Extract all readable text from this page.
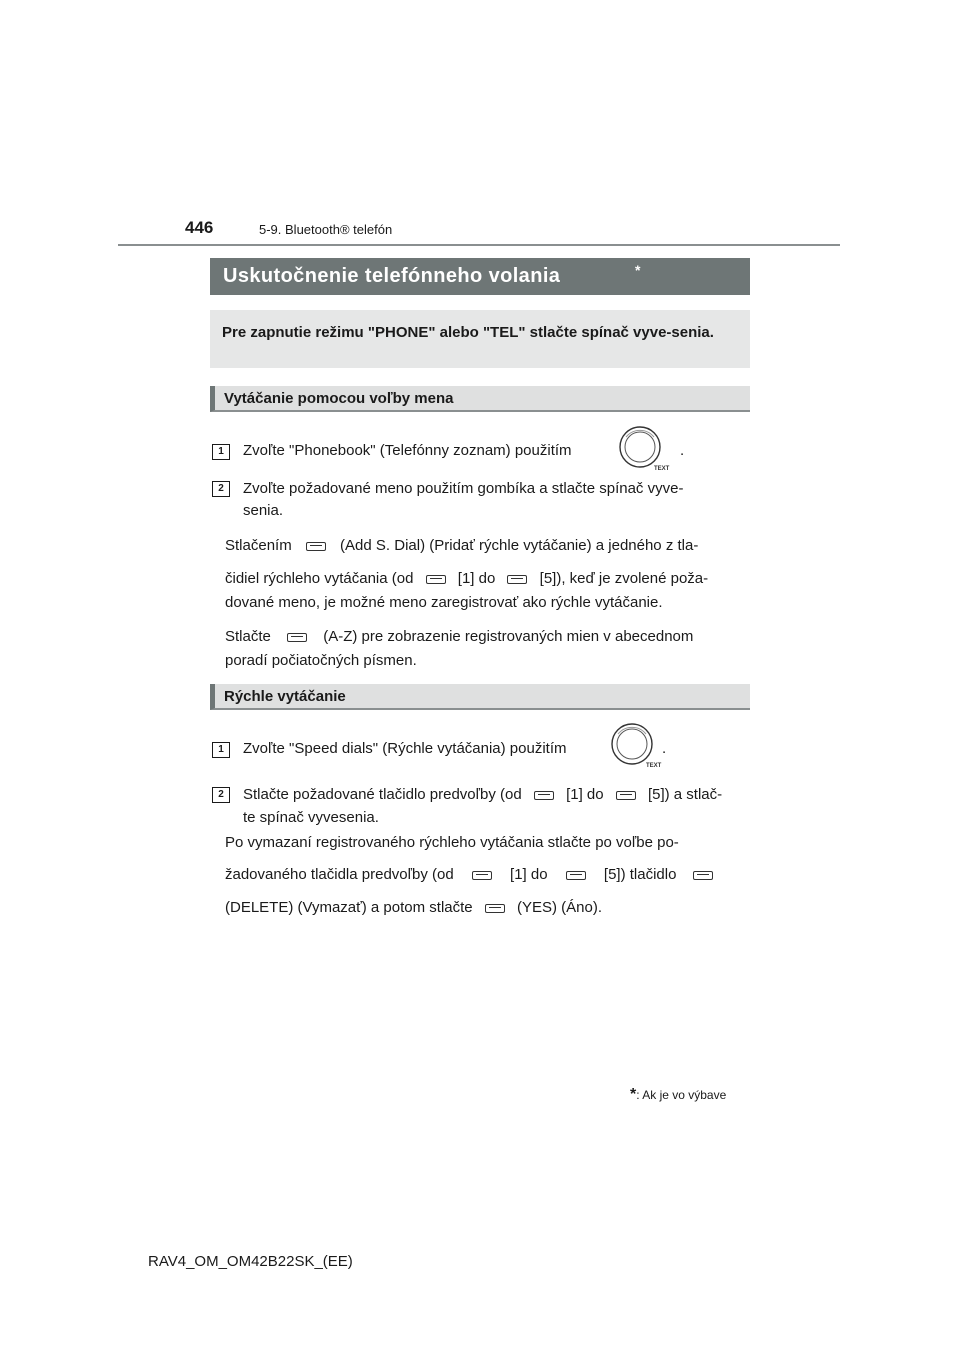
446	5-9. Bluetooth® telefón
Uskutočnenie telefónneho volania	*

Pre zapnutie režimu "PHONE" alebo "TEL" stlačte spínač vyve-senia.

Vytáčanie pomocou voľby mena
1	Zvoľte "Phonebook" (Telefónny zoznam) použitím
TEXT
.
2	Zvoľte požadované meno použitím gombíka a stlačte spínač vyve-
senia.
Stlačením	(Add S. Dial) (Pridať rýchle vytáčanie) a jedného z tla-
čidiel rýchleho vytáčania (od	[1] do	[5]), keď je zvolené poža-
dované meno, je možné meno zaregistrovať ako rýchle vytáčanie.
Stlačte	(A-Z) pre zobrazenie registrovaných mien v abecednom
poradí počiatočných písmen.
Rýchle vytáčanie
1	Zvoľte "Speed dials" (Rýchle vytáčania) použitím
TEXT
.
2	Stlačte požadované tlačidlo predvoľby (od	[1] do	[5]) a stlač-
te spínač vyvesenia.
Po vymazaní registrovaného rýchleho vytáčania stlačte po voľbe po-
žadovaného tlačidla predvoľby (od	[1] do	[5]) tlačidlo
(DELETE) (Vymazať) a potom stlačte	(YES) (Áno).
*: Ak je vo výbave
RAV4_OM_OM42B22SK_(EE)
